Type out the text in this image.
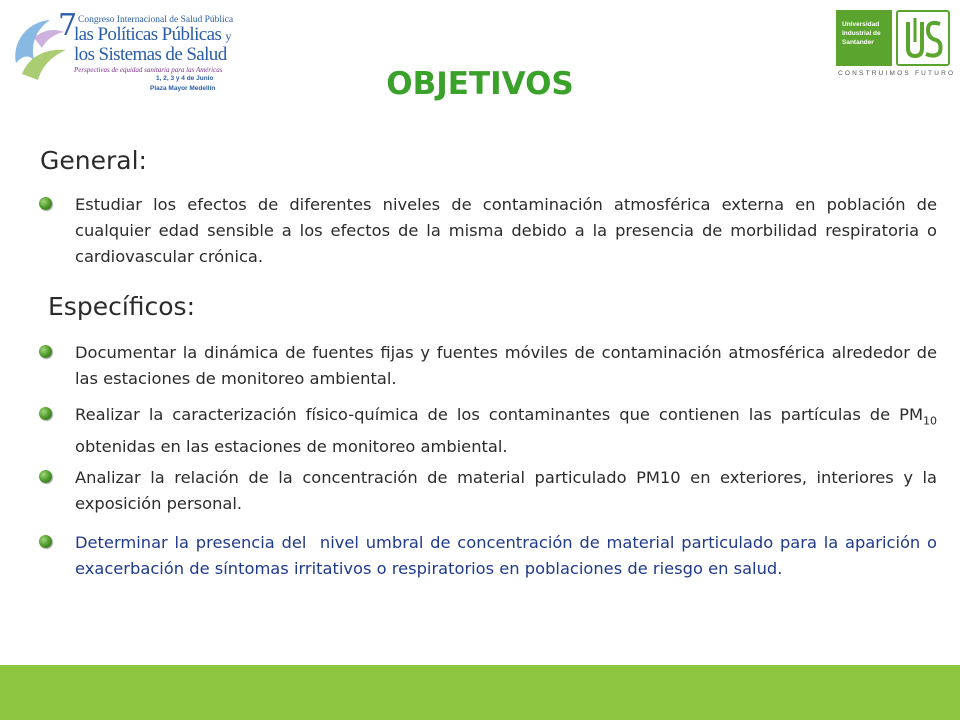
7 Congreso Internacional de Salud Pública
las Políticas Públicas y
los Sistemas de Salud
Perspectivas de equidad sanitaria para las Américas
1, 2, 3 y 4 de Junio
Plaza Mayor Medellín
Universidad
Industrial de
Santander
CONSTRUIMOS FUTURO
OBJETIVOS
General:
Estudiar los efectos de diferentes niveles de contaminación atmosférica externa en población de cualquier edad sensible a los efectos de la misma debido a la presencia de morbilidad respiratoria o cardiovascular crónica.
Específicos:
Documentar la dinámica de fuentes fijas y fuentes móviles de contaminación atmosférica alrededor de las estaciones de monitoreo ambiental.
Realizar la caracterización físico-química de los contaminantes que contienen las partículas de $PM_{10}$  obtenidas en las estaciones de monitoreo ambiental.
Analizar la relación de la concentración de material particulado PM10 en exteriores, interiores y la exposición personal.
Determinar la presencia del  nivel umbral de concentración de material particulado para la aparición o exacerbación de síntomas irritativos o respiratorios en poblaciones de riesgo en salud.
